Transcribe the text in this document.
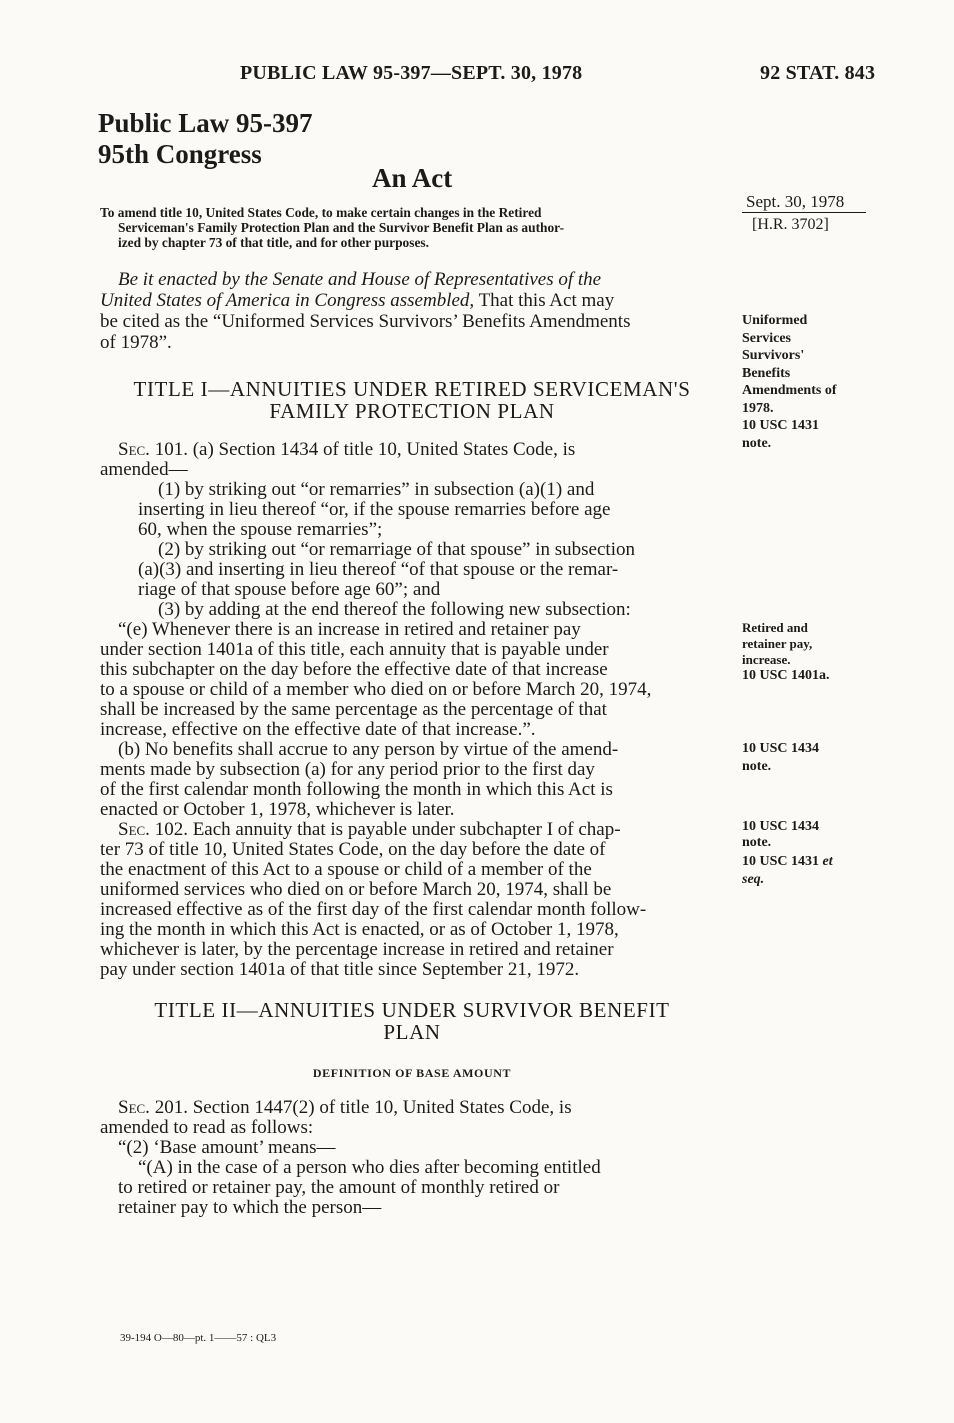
PUBLIC LAW 95-397—SEPT. 30, 1978	92 STAT. 843
Public Law 95-397
95th Congress
An Act
To amend title 10, United States Code, to make certain changes in the Retired
Serviceman's Family Protection Plan and the Survivor Benefit Plan as author-
ized by chapter 73 of that title, and for other purposes.
Sept. 30, 1978
[H.R. 3702]
Be it enacted by the Senate and House of Representatives of the
United States of America in Congress assembled, That this Act may
be cited as the “Uniformed Services Survivors’ Benefits Amendments
of 1978”.
Uniformed
Services
Survivors'
Benefits
Amendments of
1978.
10 USC 1431
note.
TITLE I—ANNUITIES UNDER RETIRED SERVICEMAN'S
FAMILY PROTECTION PLAN
Sec. 101. (a) Section 1434 of title 10, United States Code, is
amended—
(1) by striking out “or remarries” in subsection (a)(1) and
inserting in lieu thereof “or, if the spouse remarries before age
60, when the spouse remarries”;
(2) by striking out “or remarriage of that spouse” in subsection
(a)(3) and inserting in lieu thereof “of that spouse or the remar-
riage of that spouse before age 60”; and
(3) by adding at the end thereof the following new subsection:
“(e) Whenever there is an increase in retired and retainer pay
under section 1401a of this title, each annuity that is payable under
this subchapter on the day before the effective date of that increase
to a spouse or child of a member who died on or before March 20, 1974,
shall be increased by the same percentage as the percentage of that
increase, effective on the effective date of that increase.”.
(b) No benefits shall accrue to any person by virtue of the amend-
ments made by subsection (a) for any period prior to the first day
of the first calendar month following the month in which this Act is
enacted or October 1, 1978, whichever is later.
Retired and
retainer pay,
increase.
10 USC 1401a.
10 USC 1434
note.
Sec. 102. Each annuity that is payable under subchapter I of chap-
ter 73 of title 10, United States Code, on the day before the date of
the enactment of this Act to a spouse or child of a member of the
uniformed services who died on or before March 20, 1974, shall be
increased effective as of the first day of the first calendar month follow-
ing the month in which this Act is enacted, or as of October 1, 1978,
whichever is later, by the percentage increase in retired and retainer
pay under section 1401a of that title since September 21, 1972.
10 USC 1434
note.
10 USC 1431 et
seq.
TITLE II—ANNUITIES UNDER SURVIVOR BENEFIT
PLAN
DEFINITION OF BASE AMOUNT
Sec. 201. Section 1447(2) of title 10, United States Code, is
amended to read as follows:
“(2) ‘Base amount’ means—
“(A) in the case of a person who dies after becoming entitled
to retired or retainer pay, the amount of monthly retired or
retainer pay to which the person—
39-194 O—80—pt. 1——57 : QL3
